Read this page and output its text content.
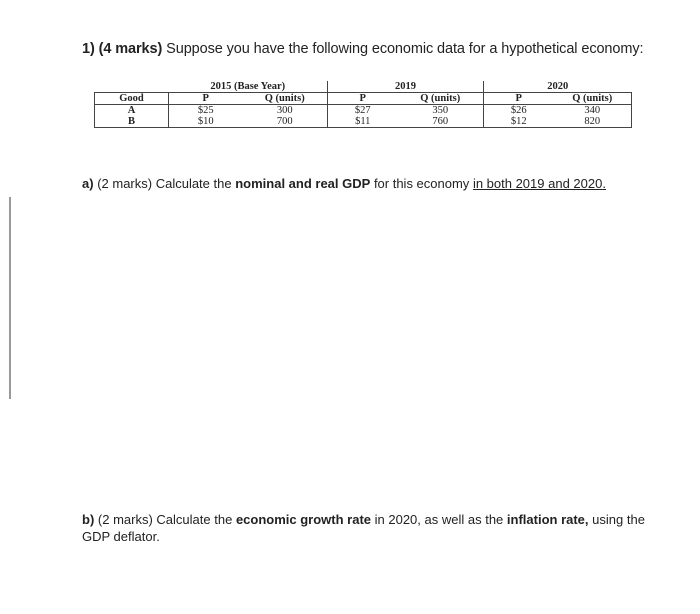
1) (4 marks) Suppose you have the following economic data for a hypothetical economy:
	2015 (Base Year)		2019		2020	
Good	P	Q (units)	P	Q (units)	P	Q (units)
A	$25	300	$27	350	$26	340
B	$10	700	$11	760	$12	820
a) (2 marks) Calculate the nominal and real GDP for this economy in both 2019 and 2020.
b) (2 marks) Calculate the economic growth rate in 2020, as well as the inflation rate, using the GDP deflator.
